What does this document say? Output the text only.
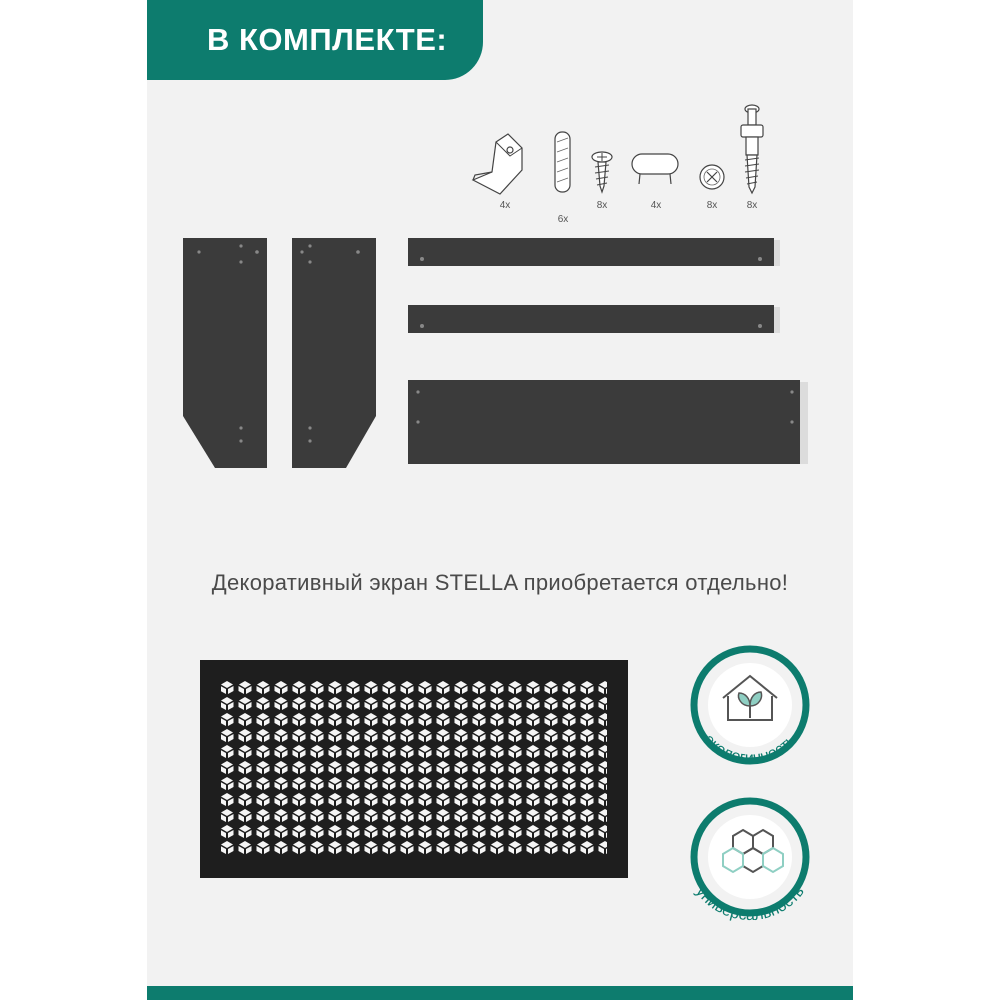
В КОМПЛЕКТЕ:
4x
6x
8x	4x	8x	8x
Декоративный экран STELLA приобретается отдельно!
экологичность
универсальность
